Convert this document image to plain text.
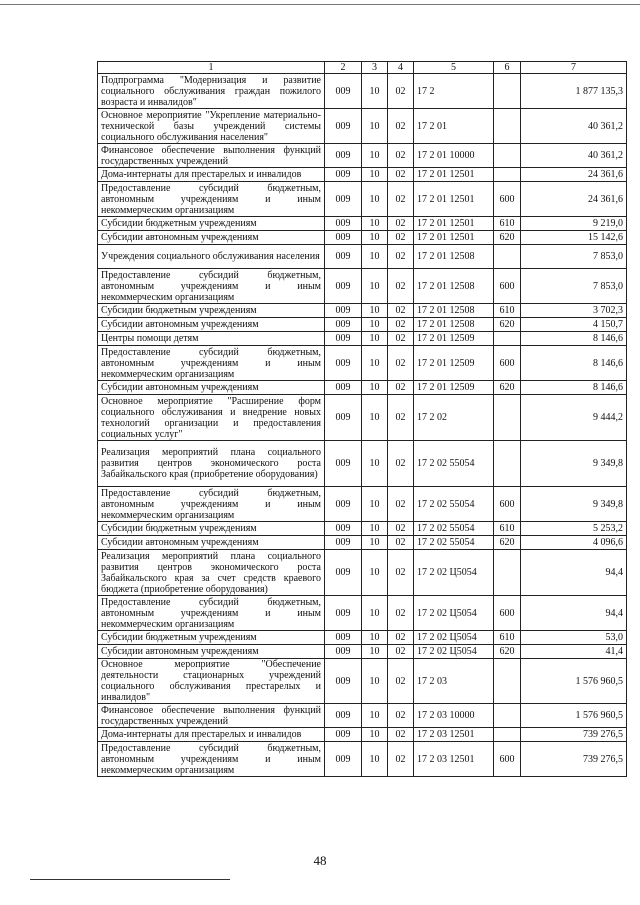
1	2	3	4	5	6	7
Подпрограмма "Модернизация и развитие социального обслуживания граждан пожилого возраста и инвалидов"	009	10	02	17 2		1 877 135,3
Основное мероприятие "Укрепление материально-технической базы учреждений системы социального обслуживания населения"	009	10	02	17 2 01		40 361,2
Финансовое обеспечение выполнения функций государственных учреждений	009	10	02	17 2 01 10000		40 361,2
Дома-интернаты для престарелых и инвалидов	009	10	02	17 2 01 12501		24 361,6
Предоставление субсидий бюджетным, автономным учреждениям и иным некоммерческим организациям	009	10	02	17 2 01 12501	600	24 361,6
Субсидии бюджетным учреждениям	009	10	02	17 2 01 12501	610	9 219,0
Субсидии автономным учреждениям	009	10	02	17 2 01 12501	620	15 142,6
Учреждения социального обслуживания населения	009	10	02	17 2 01 12508		7 853,0
Предоставление субсидий бюджетным, автономным учреждениям и иным некоммерческим организациям	009	10	02	17 2 01 12508	600	7 853,0
Субсидии бюджетным учреждениям	009	10	02	17 2 01 12508	610	3 702,3
Субсидии автономным учреждениям	009	10	02	17 2 01 12508	620	4 150,7
Центры помощи детям	009	10	02	17 2 01 12509		8 146,6
Предоставление субсидий бюджетным, автономным учреждениям и иным некоммерческим организациям	009	10	02	17 2 01 12509	600	8 146,6
Субсидии автономным учреждениям	009	10	02	17 2 01 12509	620	8 146,6
Основное мероприятие "Расширение форм социального обслуживания и внедрение новых технологий организации и предоставления социальных услуг"	009	10	02	17 2 02		9 444,2
Реализация мероприятий плана социального развития центров экономического роста Забайкальского края (приобретение оборудования)	009	10	02	17 2 02 55054		9 349,8
Предоставление субсидий бюджетным, автономным учреждениям и иным некоммерческим организациям	009	10	02	17 2 02 55054	600	9 349,8
Субсидии бюджетным учреждениям	009	10	02	17 2 02 55054	610	5 253,2
Субсидии автономным учреждениям	009	10	02	17 2 02 55054	620	4 096,6
Реализация мероприятий плана социального развития центров экономического роста Забайкальского края за счет средств краевого бюджета (приобретение оборудования)	009	10	02	17 2 02 Ц5054		94,4
Предоставление субсидий бюджетным, автономным учреждениям и иным некоммерческим организациям	009	10	02	17 2 02 Ц5054	600	94,4
Субсидии бюджетным учреждениям	009	10	02	17 2 02 Ц5054	610	53,0
Субсидии автономным учреждениям	009	10	02	17 2 02 Ц5054	620	41,4
Основное мероприятие "Обеспечение деятельности стационарных учреждений социального обслуживания престарелых и инвалидов"	009	10	02	17 2 03		1 576 960,5
Финансовое обеспечение выполнения функций государственных учреждений	009	10	02	17 2 03 10000		1 576 960,5
Дома-интернаты для престарелых и инвалидов	009	10	02	17 2 03 12501		739 276,5
Предоставление субсидий бюджетным, автономным учреждениям и иным некоммерческим организациям	009	10	02	17 2 03 12501	600	739 276,5
48
